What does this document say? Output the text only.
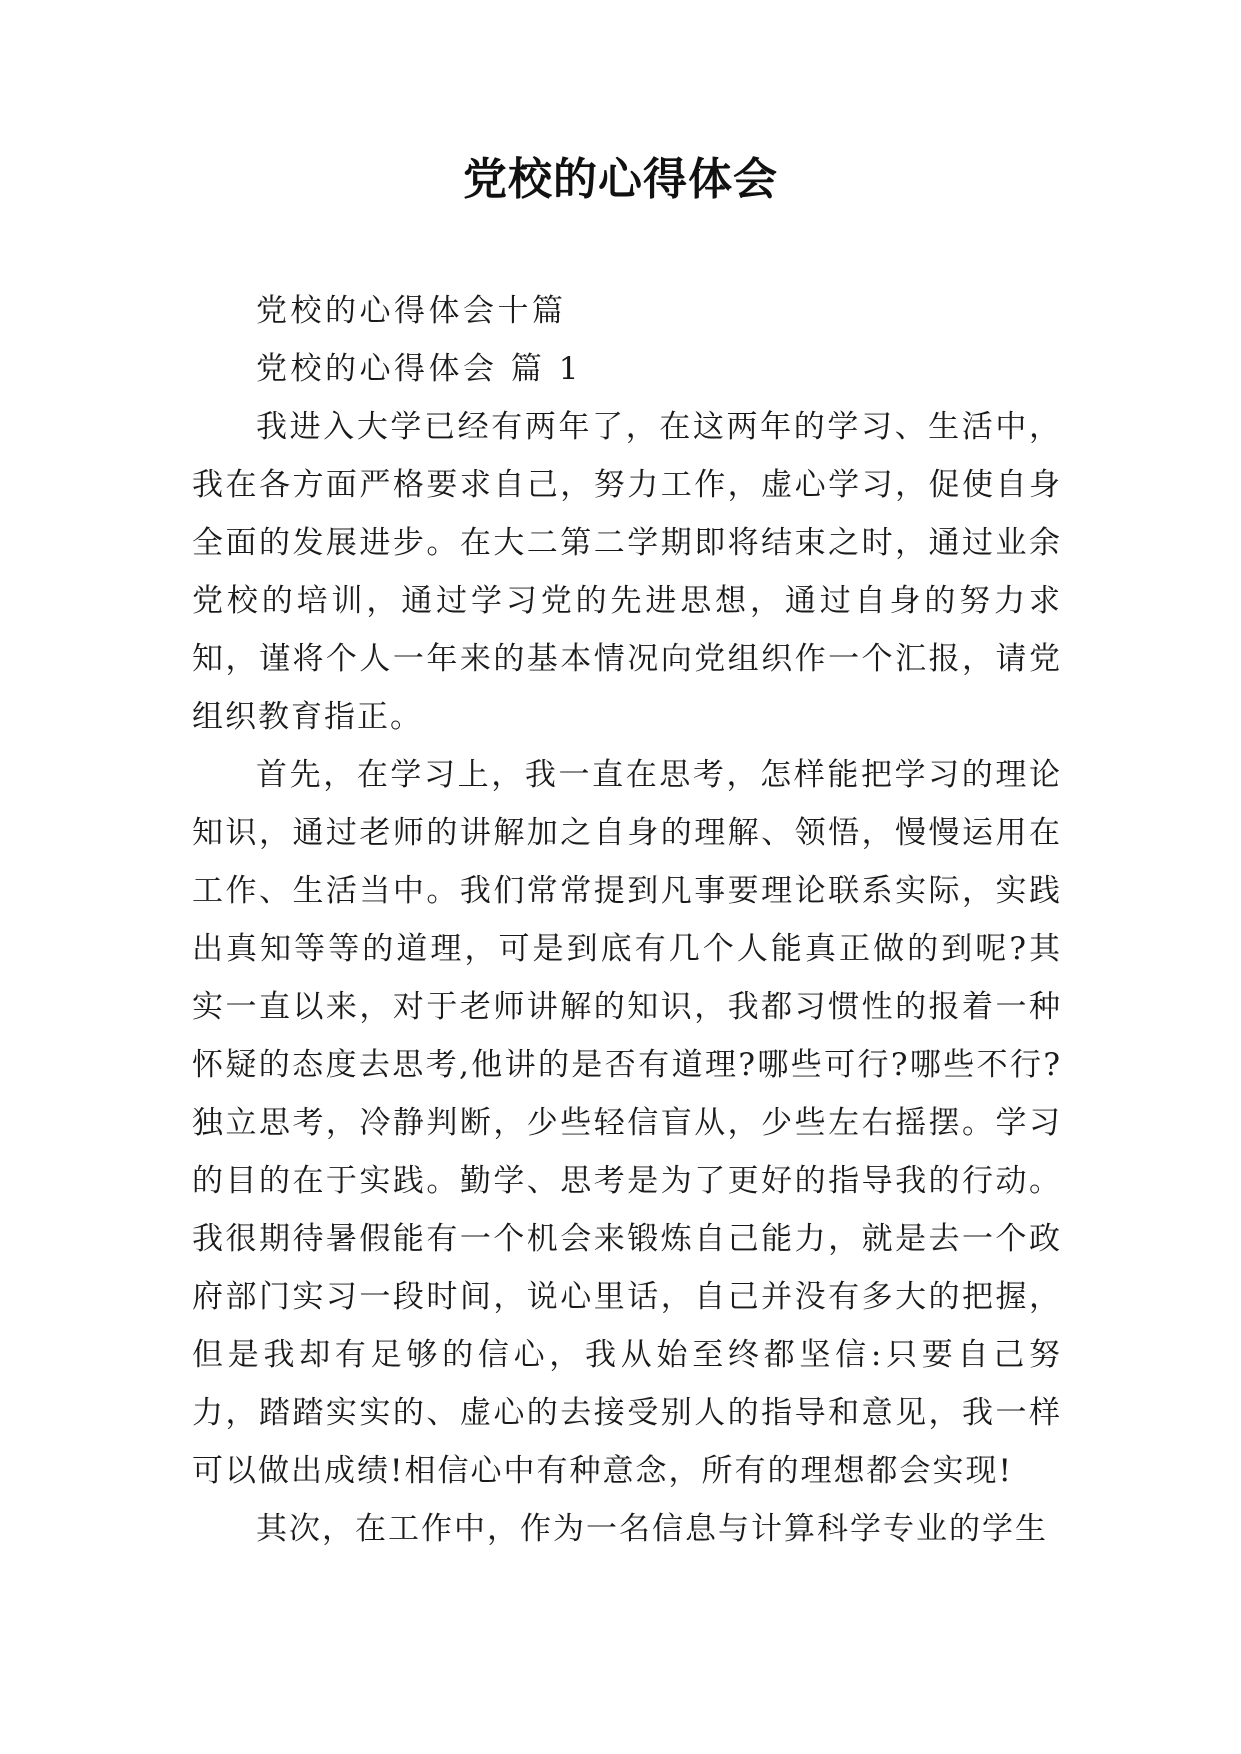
党校的心得体会

党校的心得体会十篇

党校的心得体会 篇 1

我进入大学已经有两年了，在这两年的学习、生活中，我在各方面严格要求自己，努力工作，虚心学习，促使自身全面的发展进步。在大二第二学期即将结束之时，通过业余党校的培训，通过学习党的先进思想，通过自身的努力求知，谨将个人一年来的基本情况向党组织作一个汇报，请党组织教育指正。

首先，在学习上，我一直在思考，怎样能把学习的理论知识，通过老师的讲解加之自身的理解、领悟，慢慢运用在工作、生活当中。我们常常提到凡事要理论联系实际，实践出真知等等的道理，可是到底有几个人能真正做的到呢?其实一直以来，对于老师讲解的知识，我都习惯性的报着一种怀疑的态度去思考,他讲的是否有道理?哪些可行?哪些不行?独立思考，冷静判断，少些轻信盲从，少些左右摇摆。学习的目的在于实践。勤学、思考是为了更好的指导我的行动。我很期待暑假能有一个机会来锻炼自己能力，就是去一个政府部门实习一段时间，说心里话，自己并没有多大的把握，但是我却有足够的信心，我从始至终都坚信:只要自己努力，踏踏实实的、虚心的去接受别人的指导和意见，我一样可以做出成绩!相信心中有种意念，所有的理想都会实现!

其次，在工作中，作为一名信息与计算科学专业的学生
